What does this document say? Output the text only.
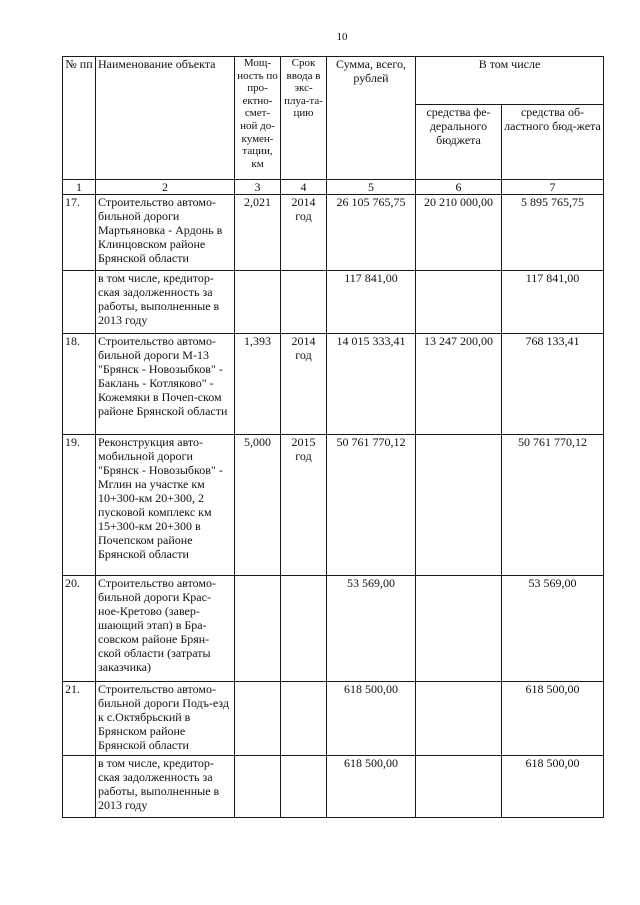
10
№ пп	Наименование объекта	Мощ-ность по про-ектно-смет-ной до-кумен-тации, км	Срок ввода в экс-плуа-та-цию	Сумма, всего, рублей	В том числе	
					средства фе-дерального бюджета	средства об-ластного бюд-жета
1	2	3	4	5	6	7
17.	Строительство автомо-бильной дороги Мартьяновка - Ардонь в Клинцовском районе Брянской области	2,021	2014 год	26 105 765,75	20 210 000,00	5 895 765,75
	в том числе, кредитор-ская задолженность за работы, выполненные в 2013 году			117 841,00		117 841,00
18.	Строительство автомо-бильной дороги М-13 "Брянск - Новозыбков" - Баклань - Котляково" - Кожемяки в Почеп-ском районе Брянской области	1,393	2014 год	14 015 333,41	13 247 200,00	768 133,41
19.	Реконструкция авто-мобильной дороги "Брянск - Новозыбков" - Мглин на участке км 10+300-км 20+300, 2 пусковой комплекс км 15+300-км 20+300 в Почепском районе Брянской области	5,000	2015 год	50 761 770,12		50 761 770,12
20.	Строительство автомо-бильной дороги Крас-ное-Кретово (завер-шающий этап) в Бра-совском районе Брян-ской области (затраты заказчика)			53 569,00		53 569,00
21.	Строительство автомо-бильной дороги Подъ-езд к с.Октябрьский в Брянском районе Брянской области			618 500,00		618 500,00
	в том числе, кредитор-ская задолженность за работы, выполненные в 2013 году			618 500,00		618 500,00
